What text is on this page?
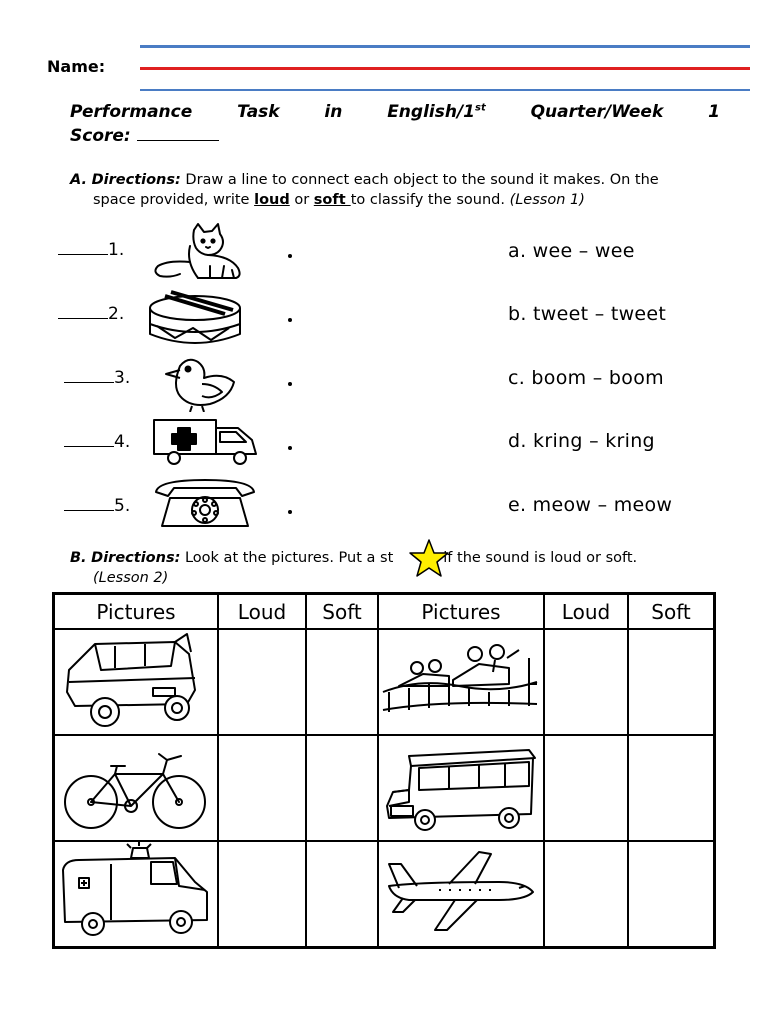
Name:
Performance	Task	in	English/1st	Quarter/Week	1
Score:
A. Directions: Draw a line to connect each object to the sound it makes. On the
space provided, write loud or soft to classify the sound. (Lesson 1)
1.	a. wee – wee
2.	b. tweet – tweet
3.	c. boom – boom
4.	d. kring – kring
5.	e. meow – meow
B. Directions: Look at the pictures. Put a st	if the sound is loud or soft.
(Lesson 2)
Pictures	Loud	Soft	Pictures	Loud	Soft
